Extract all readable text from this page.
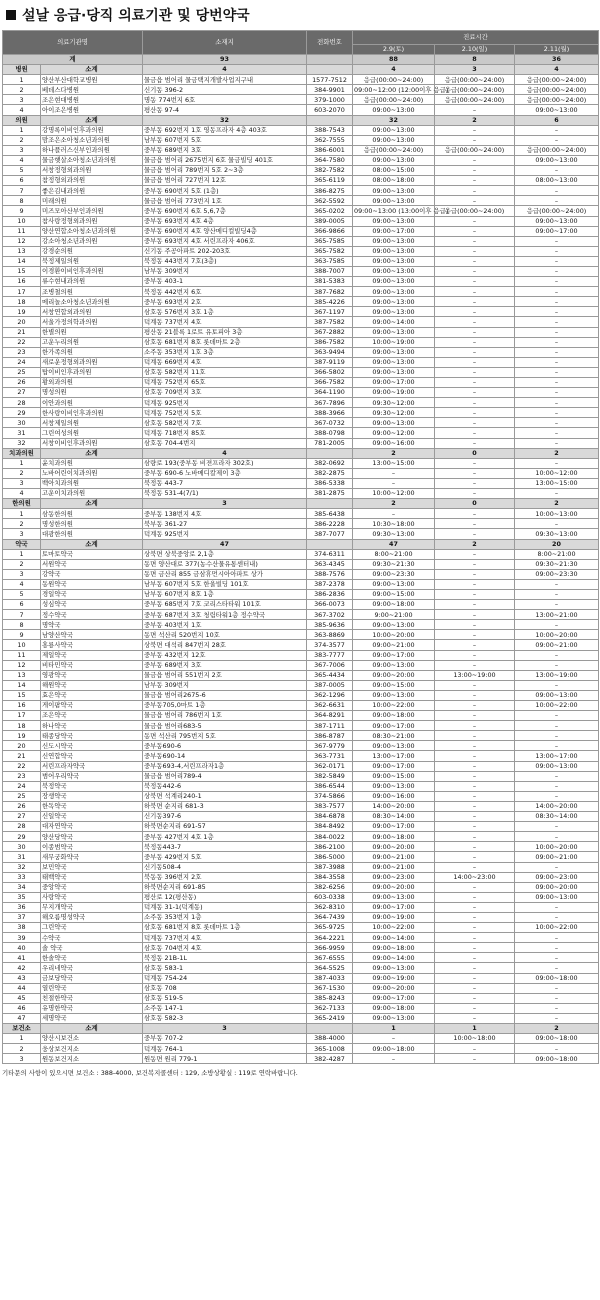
설날 응급·당직 의료기관 및 당번약국
의료기관명		소재지	전화번호	진료시간		
				2.9(토)	2.10(일)	2.11(월)
계		93		88	8	36
병원	소계	4		4	3	4
1	양산부산대학교병원	물금읍 범어리 물금택지개발사업지구내	1577-7512	응급(00:00~24:00)	응급(00:00~24:00)	응급(00:00~24:00)
2	베데스다병원	신기동 396-2	384-9901	09:00~12:00 (12:00이후 응급)	응급(00:00~24:00)	응급(00:00~24:00)
3	조은현대병원	명동 774번지 6호	379-1000	응급(00:00~24:00)	응급(00:00~24:00)	응급(00:00~24:00)
4	아이조은병원	평산동 97-4	603-2070	09:00~13:00	–	09:00~13:00
의원	소계	32		32	2	6
1	강명록이비인후과의원	중부동 692번지 1호 영동프라자 4층 403호	388-7543	09:00~13:00	–	–
2	맘조은소아청소년과의원	남부동 607번지 5호	362-7555	09:00~13:00	–	–
3	하나플러스신부인과의원	중부동 689번지 3호	386-6001	응급(00:00~24:00)	응급(00:00~24:00)	응급(00:00~24:00)
4	물금햇살소아청소년과의원	물금읍 범어리 2675번지 6호 물금빌딩 401호	364-7580	09:00~13:00	–	09:00~13:00
5	서창정형외과의원	물금읍 범어리 789번지 5호 2~3층	382-7582	08:00~15:00	–	–
6	참정형외과의원	물금읍 범어리 727번지 12호	365-6119	08:00~18:00	–	08:00~13:00
7	좋은김내과의원	중부동 690번지 5호 (1층)	386-8275	09:00~13:00	–	–
8	미래의원	물금읍 범어리 773번지 1호	362-5592	09:00~13:00	–	–
9	미즈모아산부인과의원	중부동 690번지 6호 5,6,7층	365-0202	09:00~13:00 (13:00이후 응급)	응급(00:00~24:00)	응급(00:00~24:00)
10	참사랑정형외과의원	중부동 693번지 4호 4층	389-0005	09:00~13:00	–	09:00~13:00
11	양산연합소아청소년과의원	중부동 690번지 4호 양산메디컬빌딩4층	366-9866	09:00~17:00	–	09:00~17:00
12	강소아청소년과의원	중부동 693번지 4호 서린프라자 406호	365-7585	09:00~13:00	–	–
13	강경순의원	신기동 주공아파트 202-203호	365-7582	09:00~13:00	–	–
14	북정제일의원	북정동 443번지 7호(3층)	363-7585	09:00~13:00	–	–
15	이경환이비인후과의원	남부동 309번지	388-7007	09:00~13:00	–	–
16	류수현내과의원	중부동 403-1	381-5383	09:00~13:00	–	–
17	조병철의원	북정동 442번지 6호	387-7682	09:00~13:00	–	–
18	메리놀소아청소년과의원	중부동 693번지 2호	385-4226	09:00~13:00	–	–
19	서창연합외과의원	삼호동 576번지 3호 1층	367-1197	09:00~13:00	–	–
20	서울가정의학과의원	덕계동 737번지 4호	387-7582	09:00~14:00	–	–
21	한별의원	평산동 21블록 1로트 유토피아 3층	367-2882	09:00~13:00	–	–
22	고운누리의원	삼호동 681번지 8호 롯데마트 2층	386-7582	10:00~19:00	–	–
23	한가족의원	소주동 353번지 1호 3층	363-9494	09:00~13:00	–	–
24	새로운정형외과의원	덕계동 669번지 4호	387-9119	09:00~13:00	–	–
25	탑이비인후과의원	삼호동 582번지 11호	366-5802	09:00~13:00	–	–
26	황외과의원	덕계동 752번지 65호	366-7582	09:00~17:00	–	–
27	명성의원	삼호동 709번지 3호	364-1190	09:00~19:00	–	–
28	이안과의원	덕계동 925번지	367-7896	09:30~12:00	–	–
29	한사랑이비인후과의원	덕계동 752번지 5호	388-3966	09:30~12:00	–	–
30	서창제일의원	삼호동 582번지 7호	367-0732	09:00~13:00	–	–
31	그린여성의원	덕계동 718번지 85호	388-0798	09:00~12:00	–	–
32	서창이비인후과의원	삼호동 704-4번지	781-2005	09:00~16:00	–	–
치과의원	소계	4		2	0	2
1	윤치과의원	삼량로 193(중부동 비젼프라자 302호)	382-0692	13:00~15:00	–	–
2	노바어린이치과의원	중부동 690-6 노바메디칼제이 3층	382-2875	–	–	10:00~12:00
3	백아치과의원	북정동 443-7	386-5338	–	–	13:00~15:00
4	고운이치과의원	북정동 531-4(7/1)	381-2875	10:00~12:00	–	–
한의원	소계	3		2	0	2
1	삼동한의원	중부동 138번지 4호	385-6438	–	–	10:00~13:00
2	명성한의원	북부동 361-27	386-2228	10:30~18:00	–	–
3	대광한의원	덕계동 925번지	387-7077	09:30~13:00	–	09:30~13:00
약국	소계	47		47	2	20
1	토마토약국	상북면 상북중앙로 2,1층	374-6311	8:00~21:00	–	8:00~21:00
2	서원약국	동면 양산대로 377(농수산물유통센터내)	363-4345	09:30~21:30	–	09:30~21:30
3	강약국	동면 금산리 855 금삼휴먼시아아파트 상가	388-7576	09:00~23:30	–	09:00~23:30
4	동원약국	남부동 607번지 5호 한울빌딩 101호	387-2378	09:00~13:00	–	–
5	경일약국	남부동 607번지 8호 1층	386-2836	09:00~15:00	–	–
6	성심약국	중부동 685번지 7호 코리스타타워 101호	366-0073	09:00~18:00	–	–
7	정수약국	중부동 687번지 3호 청림타워1층 정수약국	367-3702	9:00~21:00	–	13:00~21:00
8	명약국	중부동 403번지 1호	385-9636	09:00~13:00	–	–
9	남양산약국	동면 석산리 520번지 10호	363-8869	10:00~20:00	–	10:00~20:00
10	홍룡사약국	상북면 대석리 847번지 28호	374-3577	09:00~21:00	–	09:00~21:00
11	제일약국	중부동 432번지 12호	383-7777	09:00~17:00	–	–
12	비타민약국	중부동 689번지 3호	367-7006	09:00~13:00	–	–
13	영광약국	물금읍 범어리 551번지 2호	365-4434	09:00~20:00	13:00~19:00	13:00~19:00
14	해원약국	남부동 309번지	387-0005	09:00~15:00	–	–
15	효은약국	물금읍 범어리2675-6	362-1296	09:00~13:00	–	09:00~13:00
16	게이팜약국	중부동705,0마트 1층	362-6631	10:00~22:00	–	10:00~22:00
17	조은약국	물금읍 범어리 786번지 1호	364-8291	09:00~18:00	–	–
18	하나약국	물금읍 범어리683-5	387-1711	09:00~17:00	–	–
19	태종당약국	동면 석산리 795번지 5호	386-8787	08:30~21:00	–	–
20	신도시약국	중부동690-6	367-9779	09:00~13:00	–	–
21	신연합약국	중부동690-14	363-7731	13:00~17:00	–	13:00~17:00
22	서린프라자약국	중부동693-4,서린프라자1층	362-0171	09:00~17:00	–	09:00~13:00
23	범어우리약국	물금읍 범어리789-4	382-5849	09:00~15:00	–	–
24	북정약국	북정동442-6	386-6544	09:00~13:00	–	–
25	장생약국	상북면 석계리240-1	374-5866	09:00~16:00	–	–
26	한독약국	하북면 순지리 681-3	383-7577	14:00~20:00	–	14:00~20:00
27	신일약국	신기동397-6	384-6878	08:30~14:00	–	08:30~14:00
28	대자연약국	하북면순지리 691-57	384-8492	09:00~17:00	–	–
29	양산당약국	중부동 427번지 4호 1층	384-0022	09:00~18:00	–	–
30	이종범약국	북정동443-7	386-2100	09:00~20:00	–	10:00~20:00
31	새무궁화약국	중부동 429번지 5호	386-5000	09:00~21:00	–	09:00~21:00
32	보민약국	신기동508-4	387-3988	09:00~21:00	–	–
33	태백약국	북동동 396번지 2호	384-3558	09:00~23:00	14:00~23:00	09:00~23:00
34	중앙약국	하북면순지리 691-85	382-6256	09:00~20:00	–	09:00~20:00
35	사랑약국	평산로 12(평산동)	603-0338	09:00~13:00	–	09:00~13:00
36	무지개약국	덕계동 31-1(덕계동)	362-8310	09:00~17:00	–	–
37	해오름명성약국	소주동 353번지 1층	364-7439	09:00~19:00	–	–
38	그린약국	삼호동 681번지 8호 롯데마트 1층	365-9725	10:00~22:00	–	10:00~22:00
39	수약국	덕계동 737번지 4호	364-2221	09:00~14:00	–	–
40	솔 약국	삼호동 704번지 4호	366-9959	09:00~18:00	–	–
41	한솔약국	북정동 21B-1L	367-6555	09:00~14:00	–	–
42	우리네약국	삼호동 583-1	364-5525	09:00~13:00	–	–
43	금보당약국	덕계동 754-24	387-4033	09:00~19:00	–	09:00~18:00
44	열린약국	삼호동 708	367-1530	09:00~20:00	–	–
45	친절한약국	삼호동 519-5	385-8243	09:00~17:00	–	–
46	유명한약국	소주동 147-1	362-7133	09:00~18:00	–	–
47	세명약국	삼호동 582-3	365-2419	09:00~13:00	–	–
보건소	소계	3		1	1	2
1	양산시보건소	중부동 707-2	388-4000	–	10:00~18:00	09:00~18:00
2	웅상보건지소	덕계동 764-1	365-1008	09:00~18:00	–	–
3	원동보건지소	원동면 원리 779-1	382-4287	–	–	09:00~18:00
기타문의 사항이 있으시면 보건소 : 388-4000, 보건복지콜센터 : 129, 소방상황실 : 119로 연락바랍니다.
